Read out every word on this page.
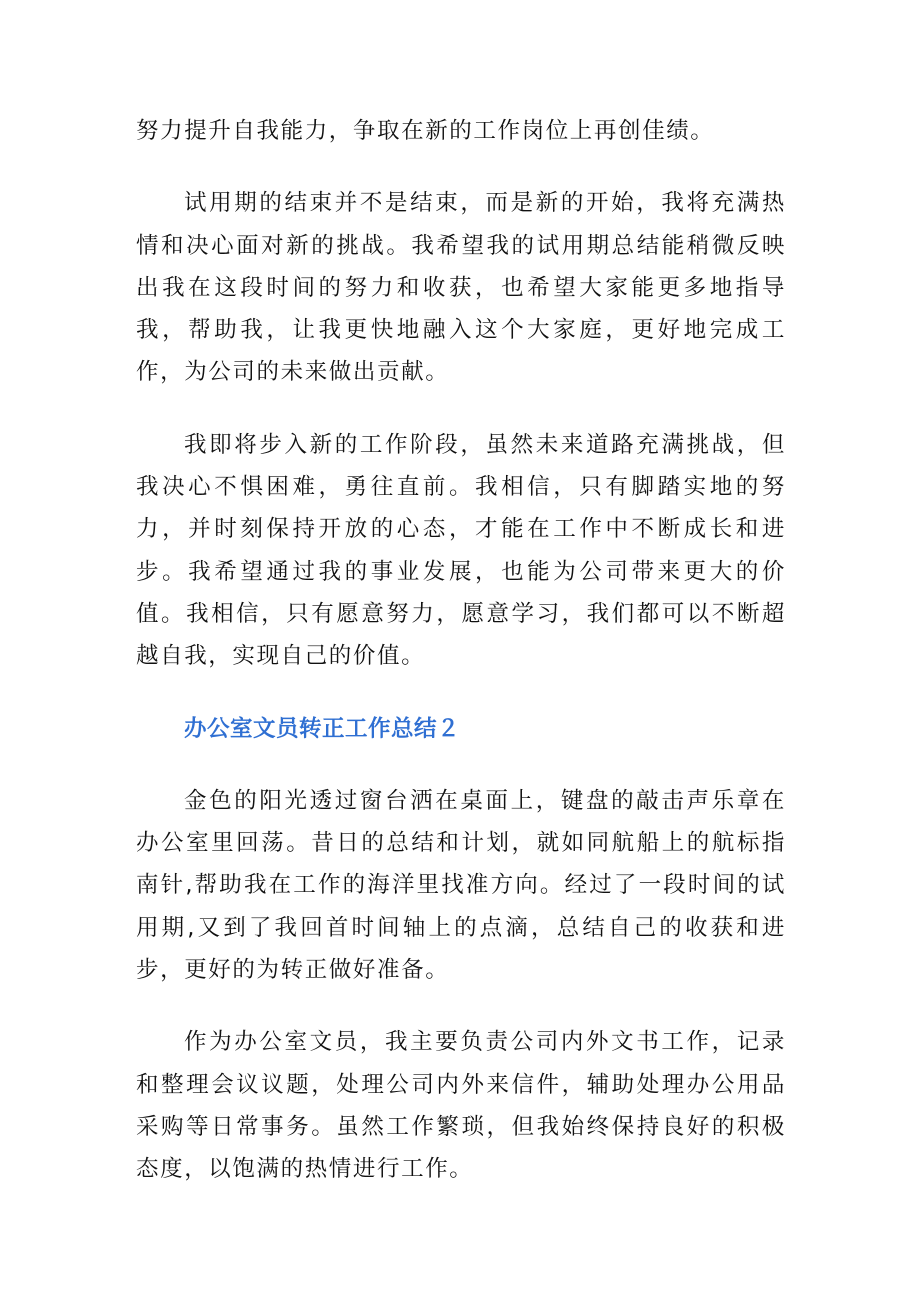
努力提升自我能力，争取在新的工作岗位上再创佳绩。

试用期的结束并不是结束，而是新的开始，我将充满热情和决心面对新的挑战。我希望我的试用期总结能稍微反映出我在这段时间的努力和收获，也希望大家能更多地指导我，帮助我，让我更快地融入这个大家庭，更好地完成工作，为公司的未来做出贡献。

我即将步入新的工作阶段，虽然未来道路充满挑战，但我决心不惧困难，勇往直前。我相信，只有脚踏实地的努力，并时刻保持开放的心态，才能在工作中不断成长和进步。我希望通过我的事业发展，也能为公司带来更大的价值。我相信，只有愿意努力，愿意学习，我们都可以不断超越自我，实现自己的价值。

办公室文员转正工作总结２

金色的阳光透过窗台洒在桌面上，键盘的敲击声乐章在办公室里回荡。昔日的总结和计划，就如同航船上的航标指南针,帮助我在工作的海洋里找准方向。经过了一段时间的试用期,又到了我回首时间轴上的点滴，总结自己的收获和进步，更好的为转正做好准备。

作为办公室文员，我主要负责公司内外文书工作，记录和整理会议议题，处理公司内外来信件，辅助处理办公用品采购等日常事务。虽然工作繁琐，但我始终保持良好的积极态度，以饱满的热情进行工作。
